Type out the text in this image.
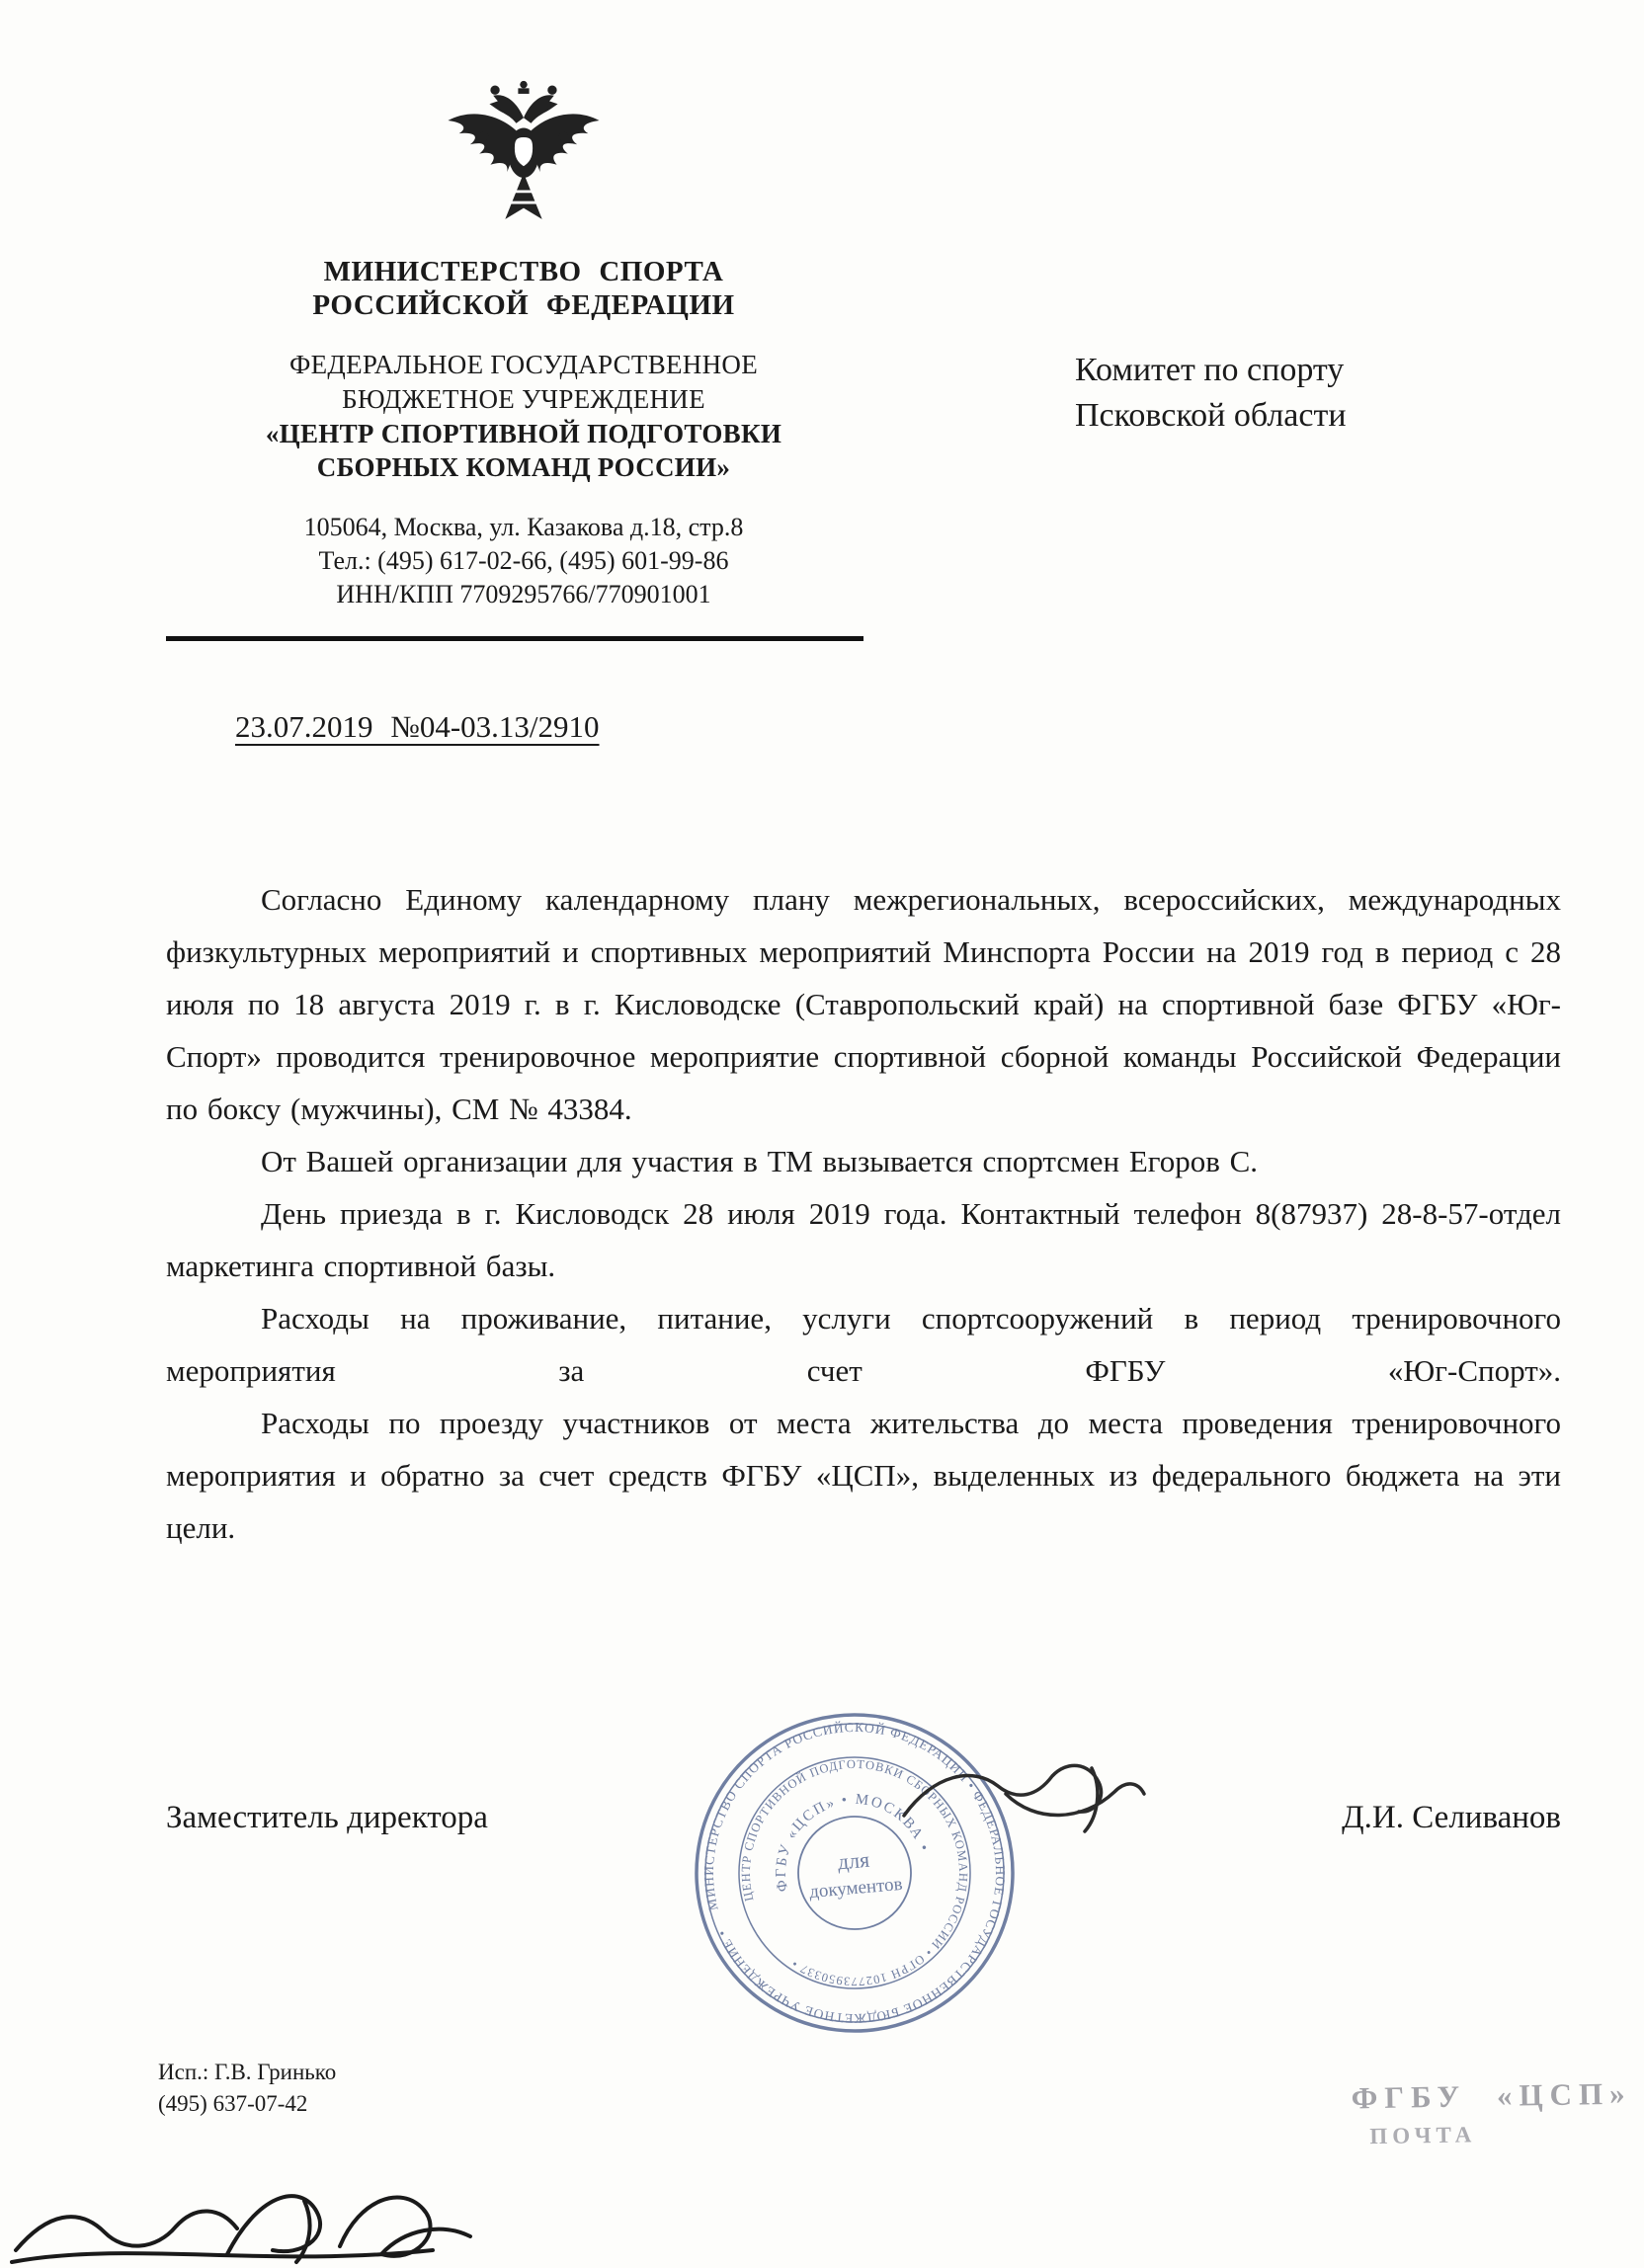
МИНИСТЕРСТВО СПОРТА
РОССИЙСКОЙ ФЕДЕРАЦИИ
ФЕДЕРАЛЬНОЕ ГОСУДАРСТВЕННОЕ
БЮДЖЕТНОЕ УЧРЕЖДЕНИЕ
«ЦЕНТР СПОРТИВНОЙ ПОДГОТОВКИ
СБОРНЫХ КОМАНД РОССИИ»
105064, Москва, ул. Казакова д.18, стр.8
Тел.: (495) 617-02-66, (495) 601-99-86
ИНН/КПП 7709295766/770901001
Комитет по спорту
Псковской области
23.07.2019 №04-03.13/2910

Согласно Единому календарному плану межрегиональных, всероссийских, международных физкультурных мероприятий и спортивных мероприятий Минспорта России на 2019 год в период с 28 июля по 18 августа 2019 г. в г. Кисловодске (Ставропольский край) на спортивной базе ФГБУ «Юг-Спорт» проводится тренировочное мероприятие спортивной сборной команды Российской Федерации по боксу (мужчины), СМ № 43384.

От Вашей организации для участия в ТМ вызывается спортсмен Егоров С.

День приезда в г. Кисловодск 28 июля 2019 года. Контактный телефон 8(87937) 28-8-57-отдел маркетинга спортивной базы.

Расходы на проживание, питание, услуги спортсооружений в период тренировочного мероприятия за счет ФГБУ «Юг-Спорт».

Расходы по проезду участников от места жительства до места проведения тренировочного мероприятия и обратно за счет средств ФГБУ «ЦСП», выделенных из федерального бюджета на эти цели.

Заместитель директора	Д.И. Селиванов
МИНИСТЕРСТВО СПОРТА РОССИЙСКОЙ ФЕДЕРАЦИИ • ФЕДЕРАЛЬНОЕ ГОСУДАРСТВЕННОЕ БЮДЖЕТНОЕ УЧРЕЖДЕНИЕ •
ЦЕНТР СПОРТИВНОЙ ПОДГОТОВКИ СБОРНЫХ КОМАНД РОССИИ • ОГРН 102773950337 •
ФГБУ «ЦСП» • МОСКВА •
для
документов
Исп.: Г.В. Гринько
(495) 637-07-42	ФГБУ «ЦСП»
ПОЧТА
